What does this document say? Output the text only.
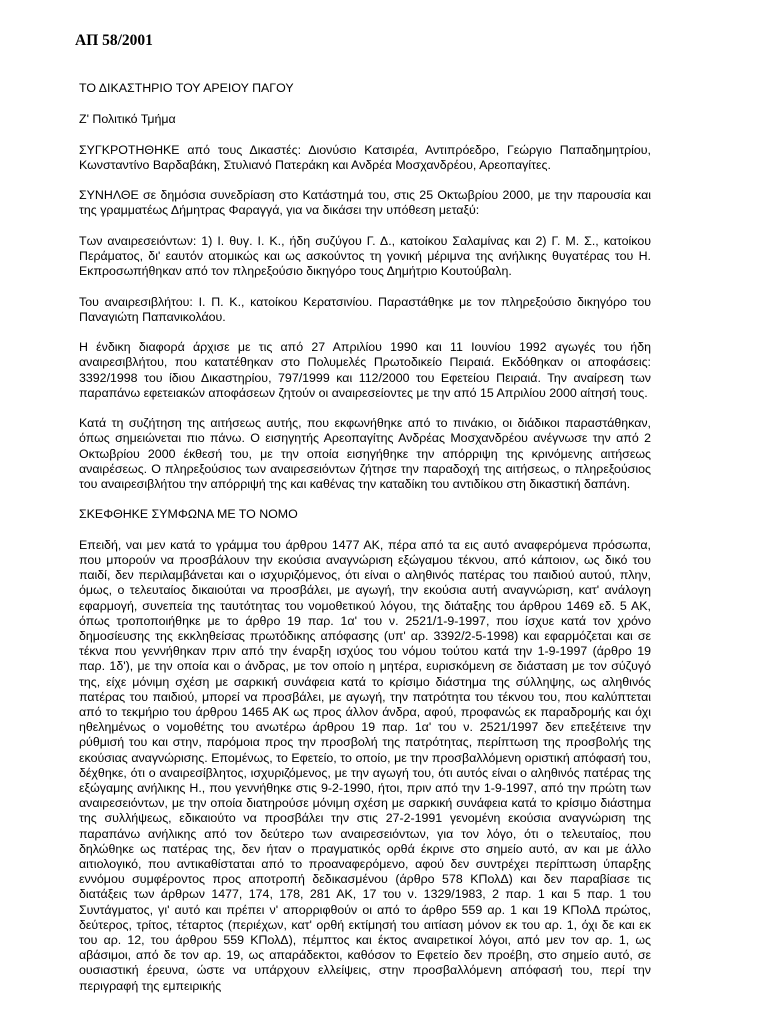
ΑΠ 58/2001

ΤΟ ΔΙΚΑΣΤΗΡΙΟ ΤΟΥ ΑΡΕΙΟΥ ΠΑΓΟΥ

Ζ' Πολιτικό Τμήμα

ΣΥΓΚΡΟΤΗΘΗΚΕ από τους Δικαστές: Διονύσιο Κατσιρέα, Αντιπρόεδρο, Γεώργιο Παπαδημητρίου, Κωνσταντίνο Βαρδαβάκη, Στυλιανό Πατεράκη και Ανδρέα Μοσχανδρέου, Αρεοπαγίτες.

ΣΥΝΗΛΘΕ σε δημόσια συνεδρίαση στο Κατάστημά του, στις 25 Οκτωβρίου 2000, με την παρουσία και της γραμματέως Δήμητρας Φαραγγά, για να δικάσει την υπόθεση μεταξύ:

Των αναιρεσειόντων: 1) Ι. θυγ. Ι. Κ., ήδη συζύγου Γ. Δ., κατοίκου Σαλαμίνας και 2) Γ. Μ. Σ., κατοίκου Περάματος, δι' εαυτόν ατομικώς και ως ασκούντος τη γονική μέριμνα της ανήλικης θυγατέρας του Η. Εκπροσωπήθηκαν από τον πληρεξούσιο δικηγόρο τους Δημήτριο Κουτούβαλη.

Του αναιρεσιβλήτου: Ι. Π. Κ., κατοίκου Κερατσινίου. Παραστάθηκε με τον πληρεξούσιο δικηγόρο του Παναγιώτη Παπανικολάου.

Η ένδικη διαφορά άρχισε με τις από 27 Απριλίου 1990 και 11 Ιουνίου 1992 αγωγές του ήδη αναιρεσιβλήτου, που κατατέθηκαν στο Πολυμελές Πρωτοδικείο Πειραιά. Εκδόθηκαν οι αποφάσεις: 3392/1998 του ίδιου Δικαστηρίου, 797/1999 και 112/2000 του Εφετείου Πειραιά. Την αναίρεση των παραπάνω εφετειακών αποφάσεων ζητούν οι αναιρεσείοντες με την από 15 Απριλίου 2000 αίτησή τους.

Κατά τη συζήτηση της αιτήσεως αυτής, που εκφωνήθηκε από το πινάκιο, οι διάδικοι παραστάθηκαν, όπως σημειώνεται πιο πάνω. Ο εισηγητής Αρεοπαγίτης Ανδρέας Μοσχανδρέου ανέγνωσε την από 2 Οκτωβρίου 2000 έκθεσή του, με την οποία εισηγήθηκε την απόρριψη της κρινόμενης αιτήσεως αναιρέσεως. Ο πληρεξούσιος των αναιρεσειόντων ζήτησε την παραδοχή της αιτήσεως, ο πληρεξούσιος του αναιρεσιβλήτου την απόρριψή της και καθένας την καταδίκη του αντιδίκου στη δικαστική δαπάνη.

ΣΚΕΦΘΗΚΕ ΣΥΜΦΩΝΑ ΜΕ ΤΟ ΝΟΜΟ

Επειδή, ναι μεν κατά το γράμμα του άρθρου 1477 ΑΚ, πέρα από τα εις αυτό αναφερόμενα πρόσωπα, που μπορούν να προσβάλουν την εκούσια αναγνώριση εξώγαμου τέκνου, από κάποιον, ως δικό του παιδί, δεν περιλαμβάνεται και ο ισχυριζόμενος, ότι είναι ο αληθινός πατέρας του παιδιού αυτού, πλην, όμως, ο τελευταίος δικαιούται να προσβάλει, με αγωγή, την εκούσια αυτή αναγνώριση, κατ' ανάλογη εφαρμογή, συνεπεία της ταυτότητας του νομοθετικού λόγου, της διάταξης του άρθρου 1469 εδ. 5 ΑΚ, όπως τροποποιήθηκε με το άρθρο 19 παρ. 1α' του ν. 2521/1-9-1997, που ίσχυε κατά τον χρόνο δημοσίευσης της εκκληθείσας πρωτόδικης απόφασης (υπ' αρ. 3392/2-5-1998) και εφαρμόζεται και σε τέκνα που γεννήθηκαν πριν από την έναρξη ισχύος του νόμου τούτου κατά την 1-9-1997 (άρθρο 19 παρ. 1δ'), με την οποία και ο άνδρας, με τον οποίο η μητέρα, ευρισκόμενη σε διάσταση με τον σύζυγό της, είχε μόνιμη σχέση με σαρκική συνάφεια κατά το κρίσιμο διάστημα της σύλληψης, ως αληθινός πατέρας του παιδιού, μπορεί να προσβάλει, με αγωγή, την πατρότητα του τέκνου του, που καλύπτεται από το τεκμήριο του άρθρου 1465 ΑΚ ως προς άλλον άνδρα, αφού, προφανώς εκ παραδρομής και όχι ηθελημένως ο νομοθέτης του ανωτέρω άρθρου 19 παρ. 1α' του ν. 2521/1997 δεν επεξέτεινε την ρύθμισή του και στην, παρόμοια προς την προσβολή της πατρότητας, περίπτωση της προσβολής της εκούσιας αναγνώρισης. Επομένως, το Εφετείο, το οποίο, με την προσβαλλόμενη οριστική απόφασή του, δέχθηκε, ότι ο αναιρεσίβλητος, ισχυριζόμενος, με την αγωγή του, ότι αυτός είναι ο αληθινός πατέρας της εξώγαμης ανήλικης Η., που γεννήθηκε στις 9-2-1990, ήτοι, πριν από την 1-9-1997, από την πρώτη των αναιρεσειόντων, με την οποία διατηρούσε μόνιμη σχέση με σαρκική συνάφεια κατά το κρίσιμο διάστημα της συλλήψεως, εδικαιούτο να προσβάλει την στις 27-2-1991 γενομένη εκούσια αναγνώριση της παραπάνω ανήλικης από τον δεύτερο των αναιρεσειόντων, για τον λόγο, ότι ο τελευταίος, που δηλώθηκε ως πατέρας της, δεν ήταν ο πραγματικός ορθά έκρινε στο σημείο αυτό, αν και με άλλο αιτιολογικό, που αντικαθίσταται από το προαναφερόμενο, αφού δεν συντρέχει περίπτωση ύπαρξης εννόμου συμφέροντος προς αποτροπή δεδικασμένου (άρθρο 578 ΚΠολΔ) και δεν παραβίασε τις διατάξεις των άρθρων 1477, 174, 178, 281 ΑΚ, 17 του ν. 1329/1983, 2 παρ. 1 και 5 παρ. 1 του Συντάγματος, γι' αυτό και πρέπει ν' απορριφθούν οι από το άρθρο 559 αρ. 1 και 19 ΚΠολΔ πρώτος, δεύτερος, τρίτος, τέταρτος (περιέχων, κατ' ορθή εκτίμησή του αιτίαση μόνον εκ του αρ. 1, όχι δε και εκ του αρ. 12, του άρθρου 559 ΚΠολΔ), πέμπτος και έκτος αναιρετικοί λόγοι, από μεν τον αρ. 1, ως αβάσιμοι, από δε τον αρ. 19, ως απαράδεκτοι, καθόσον το Εφετείο δεν προέβη, στο σημείο αυτό, σε ουσιαστική έρευνα, ώστε να υπάρχουν ελλείψεις, στην προσβαλλόμενη απόφασή του, περί την περιγραφή της εμπειρικής
